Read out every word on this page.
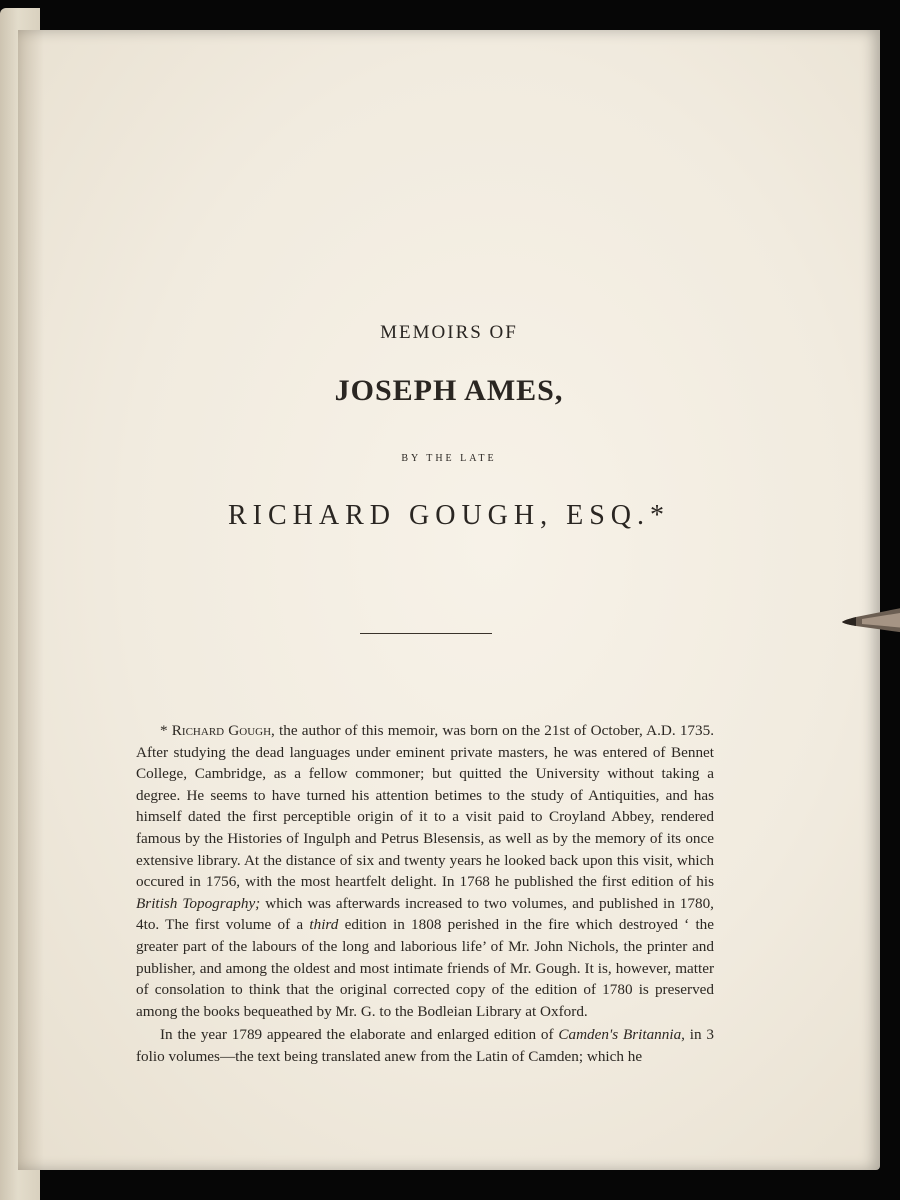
MEMOIRS OF
JOSEPH AMES,
BY THE LATE
RICHARD GOUGH, ESQ.*

* Richard Gough, the author of this memoir, was born on the 21st of October, A.D. 1735. After studying the dead languages under eminent private masters, he was entered of Bennet College, Cambridge, as a fellow commoner; but quitted the University without taking a degree. He seems to have turned his attention betimes to the study of Antiquities, and has himself dated the first perceptible origin of it to a visit paid to Croyland Abbey, rendered famous by the Histories of Ingulph and Petrus Blesensis, as well as by the memory of its once extensive library. At the distance of six and twenty years he looked back upon this visit, which occured in 1756, with the most heartfelt delight. In 1768 he published the first edition of his British Topography; which was afterwards increased to two volumes, and published in 1780, 4to. The first volume of a third edition in 1808 perished in the fire which destroyed ‘ the greater part of the labours of the long and laborious life’ of Mr. John Nichols, the printer and publisher, and among the oldest and most intimate friends of Mr. Gough. It is, however, matter of consolation to think that the original corrected copy of the edition of 1780 is preserved among the books bequeathed by Mr. G. to the Bodleian Library at Oxford.

In the year 1789 appeared the elaborate and enlarged edition of Camden's Britannia, in 3 folio volumes—the text being translated anew from the Latin of Camden; which he
